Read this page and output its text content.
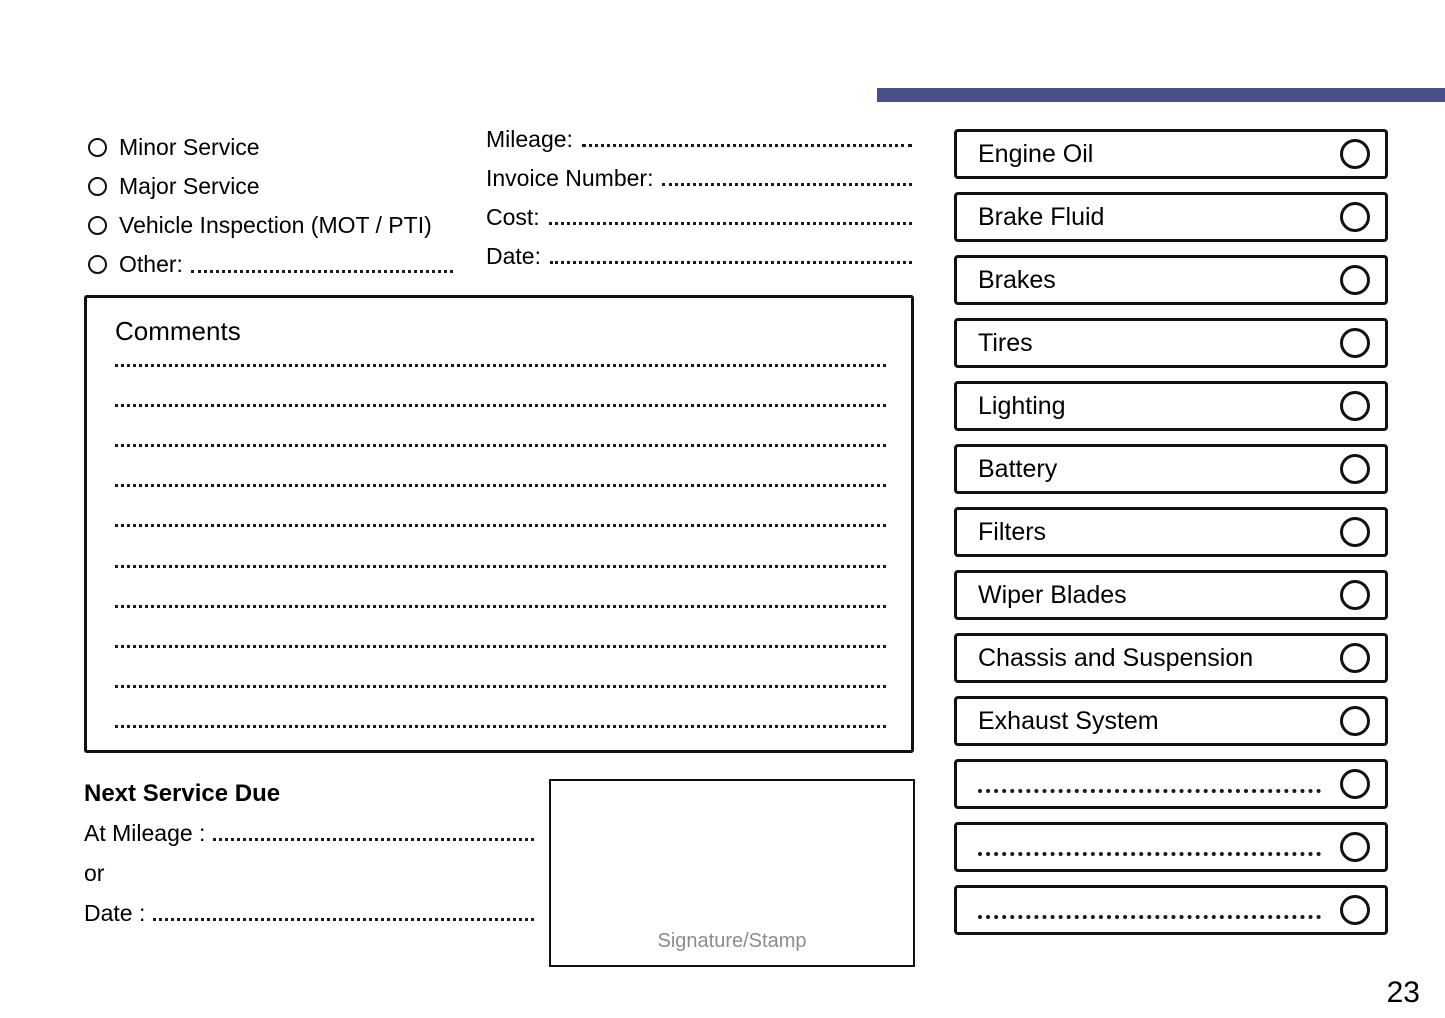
Minor Service
Major Service
Vehicle Inspection (MOT / PTI)
Other:
Mileage:
Invoice Number:
Cost:
Date:
Comments
Next Service Due
At Mileage :
or
Date :
Signature/Stamp
Engine Oil
Brake Fluid
Brakes
Tires
Lighting
Battery
Filters
Wiper Blades
Chassis and Suspension
Exhaust System
23
